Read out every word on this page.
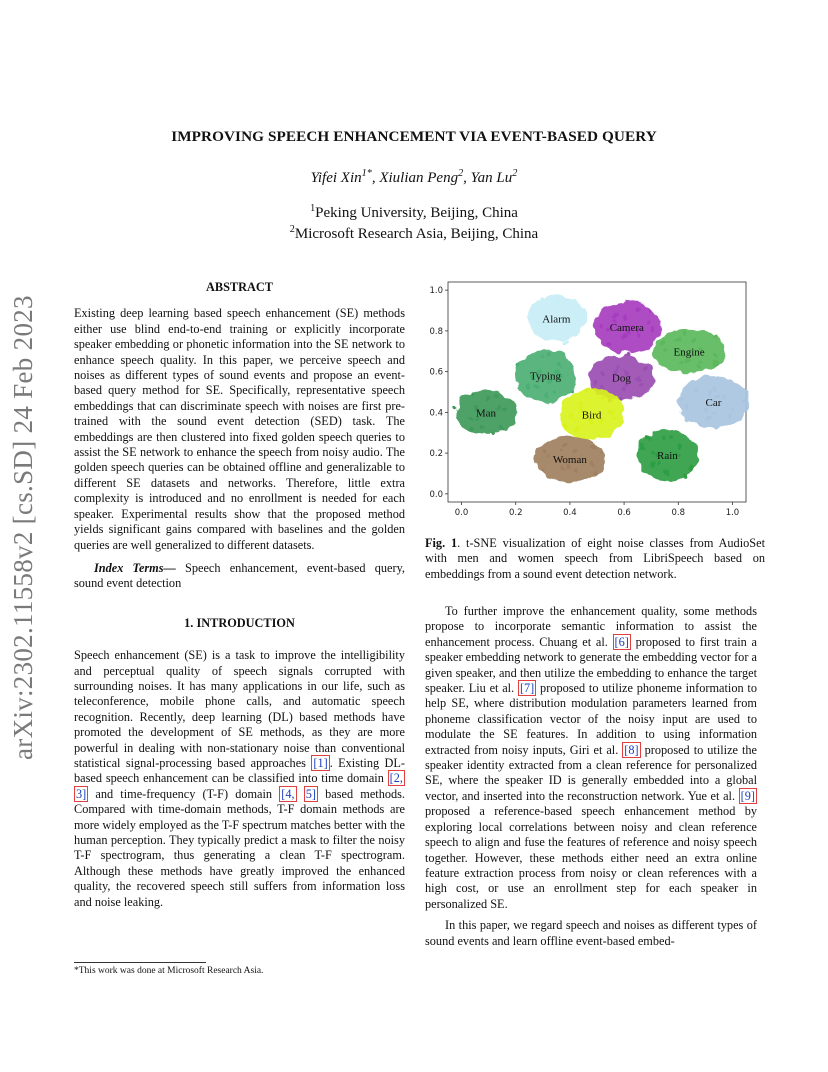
arXiv:2302.11558v2 [cs.SD] 24 Feb 2023
IMPROVING SPEECH ENHANCEMENT VIA EVENT-BASED QUERY
Yifei Xin$^{1*}$, Xiulian Peng$^2$, Yan Lu$^2$
$^1$Peking University, Beijing, China
$^2$Microsoft Research Asia, Beijing, China

ABSTRACT

Existing deep learning based speech enhancement (SE) methods either use blind end-to-end training or explicitly incorporate speaker embedding or phonetic information into the SE network to enhance speech quality. In this paper, we perceive speech and noises as different types of sound events and propose an event-based query method for SE. Specifically, representative speech embeddings that can discriminate speech with noises are first pre-trained with the sound event detection (SED) task. The embeddings are then clustered into fixed golden speech queries to assist the SE network to enhance the speech from noisy audio. The golden speech queries can be obtained offline and generalizable to different SE datasets and networks. Therefore, little extra complexity is introduced and no enrollment is needed for each speaker. Experimental results show that the proposed method yields significant gains compared with baselines and the golden queries are well generalized to different datasets.

Index Terms— Speech enhancement, event-based query, sound event detection

1. INTRODUCTION

Speech enhancement (SE) is a task to improve the intelligibility and perceptual quality of speech signals corrupted with surrounding noises. It has many applications in our life, such as teleconference, mobile phone calls, and automatic speech recognition. Recently, deep learning (DL) based methods have promoted the development of SE methods, as they are more powerful in dealing with non-stationary noise than conventional statistical signal-processing based approaches [1] . Existing DL-based speech enhancement can be classified into time domain [2, 3] and time-frequency (T-F) domain [4, 5] based methods. Compared with time-domain methods, T-F domain methods are more widely employed as the T-F spectrum matches better with the human perception. They typically predict a mask to filter the noisy T-F spectrogram, thus generating a clean T-F spectrogram. Although these methods have greatly improved the enhanced quality, the recovered speech still suffers from information loss and noise leaking.

*This work was done at Microsoft Research Asia.
Alarm
Camera
Engine
Typing	Dog
Car
Man	Bird
Woman	Rain
0.0
0.0
0.2
0.2
0.4
0.4
0.6
0.6
0.8
0.8
1.0
1.0
Fig. 1. t-SNE visualization of eight noise classes from AudioSet with men and women speech from LibriSpeech based on embeddings from a sound event detection network.

To further improve the enhancement quality, some methods propose to incorporate semantic information to assist the enhancement process. Chuang et al. [6] proposed to first train a speaker embedding network to generate the embedding vector for a given speaker, and then utilize the embedding to enhance the target speaker. Liu et al. [7] proposed to utilize phoneme information to help SE, where distribution modulation parameters learned from phoneme classification vector of the noisy input are used to modulate the SE features. In addition to using information extracted from noisy inputs, Giri et al. [8] proposed to utilize the speaker identity extracted from a clean reference for personalized SE, where the speaker ID is generally embedded into a global vector, and inserted into the reconstruction network. Yue et al. [9] proposed a reference-based speech enhancement method by exploring local correlations between noisy and clean reference speech to align and fuse the features of reference and noisy speech together. However, these methods either need an extra online feature extraction process from noisy or clean references with a high cost, or use an enrollment step for each speaker in personalized SE.

In this paper, we regard speech and noises as different types of sound events and learn offline event-based embed-
